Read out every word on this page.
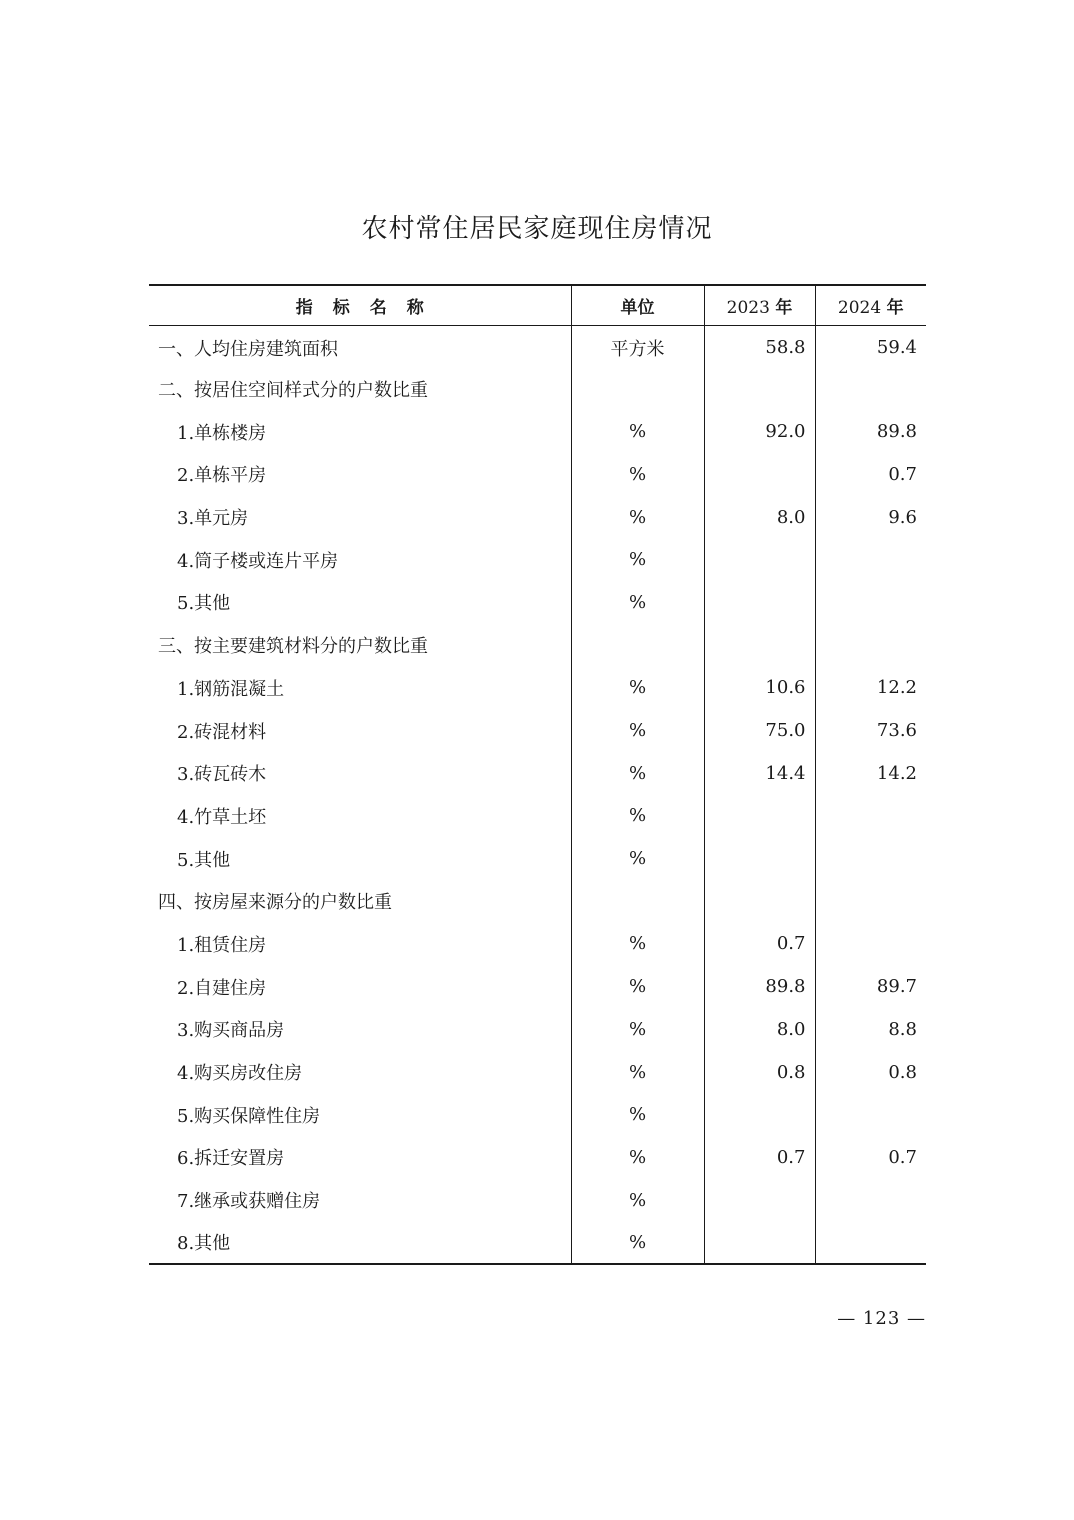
农村常住居民家庭现住房情况
指标名称	单位	2023 年	2024 年
一、人均住房建筑面积	平方米	58.8	59.4
二、按居住空间样式分的户数比重			
1.单栋楼房	%	92.0	89.8
2.单栋平房	%		0.7
3.单元房	%	8.0	9.6
4.筒子楼或连片平房	%		
5.其他	%		
三、按主要建筑材料分的户数比重			
1.钢筋混凝土	%	10.6	12.2
2.砖混材料	%	75.0	73.6
3.砖瓦砖木	%	14.4	14.2
4.竹草土坯	%		
5.其他	%		
四、按房屋来源分的户数比重			
1.租赁住房	%	0.7	
2.自建住房	%	89.8	89.7
3.购买商品房	%	8.0	8.8
4.购买房改住房	%	0.8	0.8
5.购买保障性住房	%		
6.拆迁安置房	%	0.7	0.7
7.继承或获赠住房	%		
8.其他	%		
— 123 —
